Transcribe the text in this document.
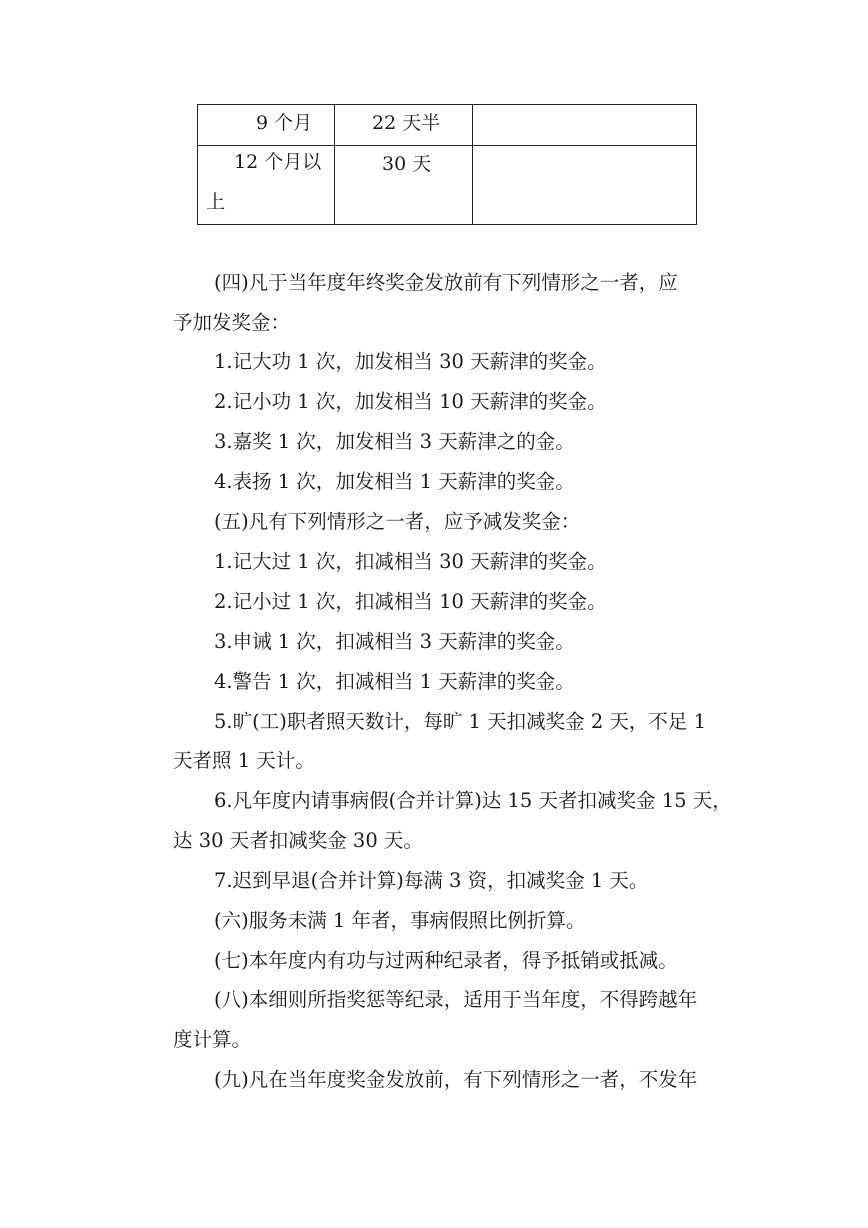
9 个月	22 天半	

12 个月以上	30 天	

(四)凡于当年度年终奖金发放前有下列情形之一者，应
予加发奖金：
1.记大功 1 次，加发相当 30 天薪津的奖金。
2.记小功 1 次，加发相当 10 天薪津的奖金。
3.嘉奖 1 次，加发相当 3 天薪津之的金。
4.表扬 1 次，加发相当 1 天薪津的奖金。
(五)凡有下列情形之一者，应予减发奖金：
1.记大过 1 次，扣减相当 30 天薪津的奖金。
2.记小过 1 次，扣减相当 10 天薪津的奖金。
3.申诫 1 次，扣减相当 3 天薪津的奖金。
4.警告 1 次，扣减相当 1 天薪津的奖金。
5.旷(工)职者照天数计，每旷 1 天扣减奖金 2 天，不足 1
天者照 1 天计。
6.凡年度内请事病假(合并计算)达 15 天者扣减奖金 15 天，
达 30 天者扣减奖金 30 天。
7.迟到早退(合并计算)每满 3 资，扣减奖金 1 天。
(六)服务未满 1 年者，事病假照比例折算。
(七)本年度内有功与过两种纪录者，得予抵销或抵减。
(八)本细则所指奖惩等纪录，适用于当年度，不得跨越年
度计算。
(九)凡在当年度奖金发放前，有下列情形之一者，不发年
